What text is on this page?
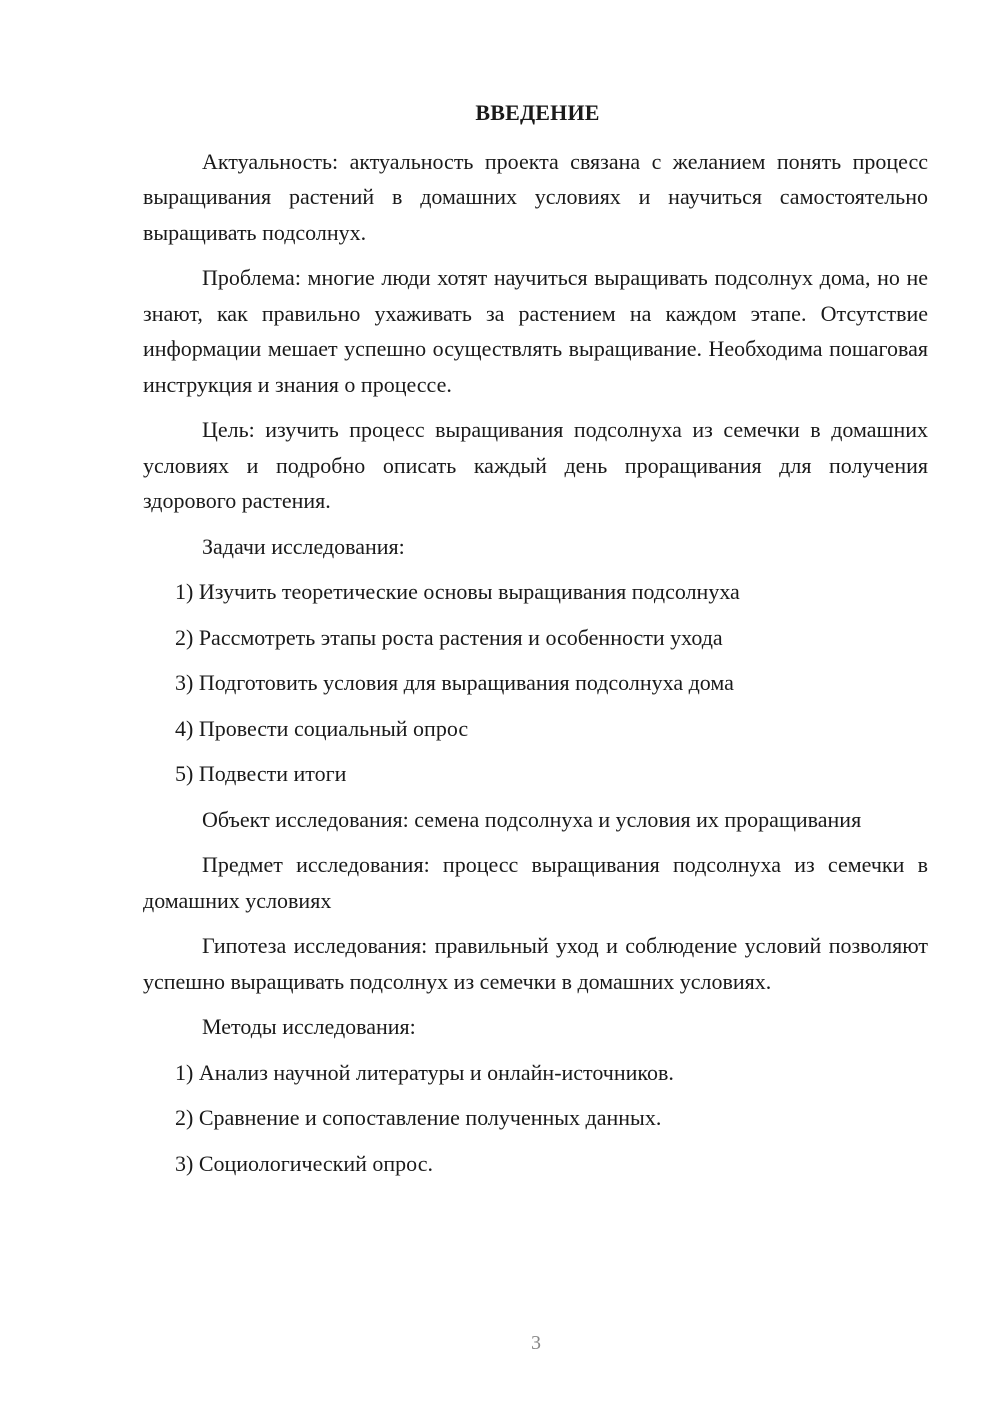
ВВЕДЕНИЕ

Актуальность: актуальность проекта связана с желанием понять процесс выращивания растений в домашних условиях и научиться самостоятельно выращивать подсолнух.

Проблема: многие люди хотят научиться выращивать подсолнух дома, но не знают, как правильно ухаживать за растением на каждом этапе. Отсутствие информации мешает успешно осуществлять выращивание. Необходима пошаговая инструкция и знания о процессе.

Цель: изучить процесс выращивания подсолнуха из семечки в домашних условиях и подробно описать каждый день проращивания для получения здорового растения.

Задачи исследования:

1) Изучить теоретические основы выращивания подсолнуха
2) Рассмотреть этапы роста растения и особенности ухода
3) Подготовить условия для выращивания подсолнуха дома
4) Провести социальный опрос
5) Подвести итоги

Объект исследования: семена подсолнуха и условия их проращивания

Предмет исследования: процесс выращивания подсолнуха из семечки в домашних условиях

Гипотеза исследования: правильный уход и соблюдение условий позволяют успешно выращивать подсолнух из семечки в домашних условиях.

Методы исследования:

1) Анализ научной литературы и онлайн-источников.
2) Сравнение и сопоставление полученных данных.
3) Социологический опрос.
3
